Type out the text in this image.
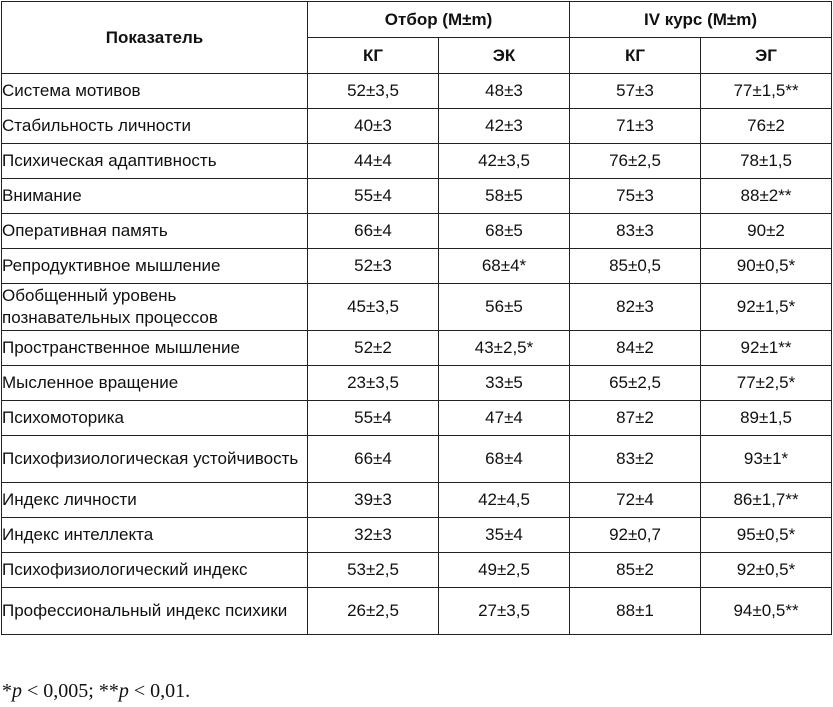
Показатель	Отбор (M±m)		IV курс (M±m)	
	КГ	ЭК	КГ	ЭГ
Система мотивов	52±3,5	48±3	57±3	77±1,5**
Стабильность личности	40±3	42±3	71±3	76±2
Психическая адаптивность	44±4	42±3,5	76±2,5	78±1,5
Внимание	55±4	58±5	75±3	88±2**
Оперативная память	66±4	68±5	83±3	90±2
Репродуктивное мышление	52±3	68±4*	85±0,5	90±0,5*
Обобщенный уровень познавательных процессов	45±3,5	56±5	82±3	92±1,5*
Пространственное мышление	52±2	43±2,5*	84±2	92±1**
Мысленное вращение	23±3,5	33±5	65±2,5	77±2,5*
Психомоторика	55±4	47±4	87±2	89±1,5
Психофизиологическая устойчивость	66±4	68±4	83±2	93±1*
Индекс личности	39±3	42±4,5	72±4	86±1,7**
Индекс интеллекта	32±3	35±4	92±0,7	95±0,5*
Психофизиологический индекс	53±2,5	49±2,5	85±2	92±0,5*
Профессиональный индекс психики	26±2,5	27±3,5	88±1	94±0,5**
*p < 0,005; **p < 0,01.
